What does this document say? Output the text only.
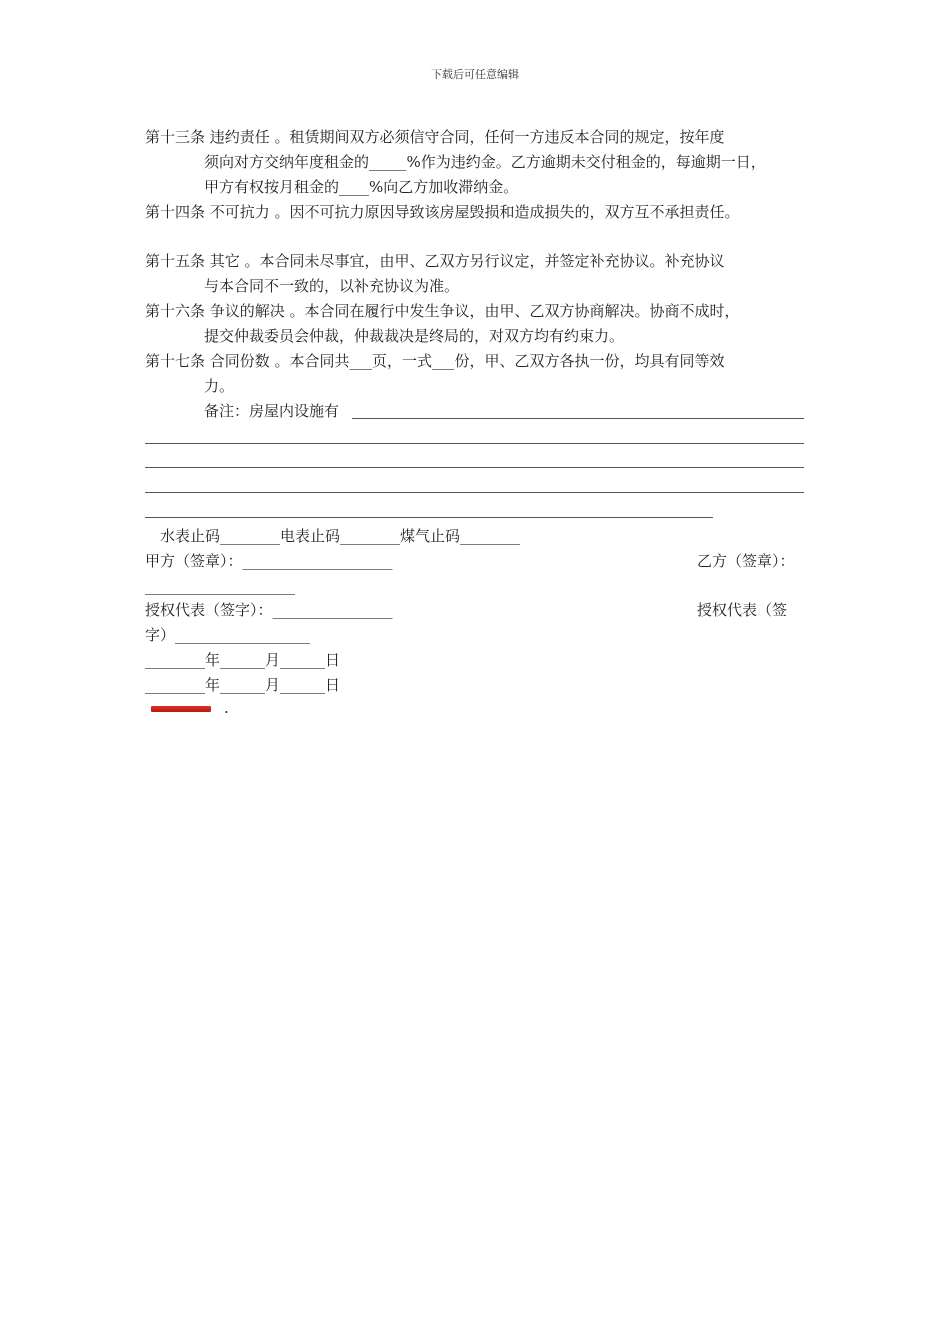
下载后可任意编辑
第十三条 违约责任 。租赁期间双方必须信守合同，任何一方违反本合同的规定，按年度
须向对方交纳年度租金的_____%作为违约金。乙方逾期未交付租金的，每逾期一日，
甲方有权按月租金的____%向乙方加收滞纳金。
第十四条 不可抗力 。因不可抗力原因导致该房屋毁损和造成损失的，双方互不承担责任。
第十五条 其它 。本合同未尽事宜，由甲、乙双方另行议定，并签定补充协议。补充协议
与本合同不一致的，以补充协议为准。
第十六条 争议的解决 。本合同在履行中发生争议，由甲、乙双方协商解决。协商不成时，
提交仲裁委员会仲裁，仲裁裁决是终局的，对双方均有约束力。
第十七条 合同份数 。本合同共___页，一式___份，甲、乙双方各执一份，均具有同等效
力。
备注：房屋内设施有
水表止码________电表止码________煤气止码________
甲方（签章）：____________________	乙方（签章）：
____________________
授权代表（签字）：________________	授权代表（签
字）__________________
________年______月______日
________年______月______日
.
